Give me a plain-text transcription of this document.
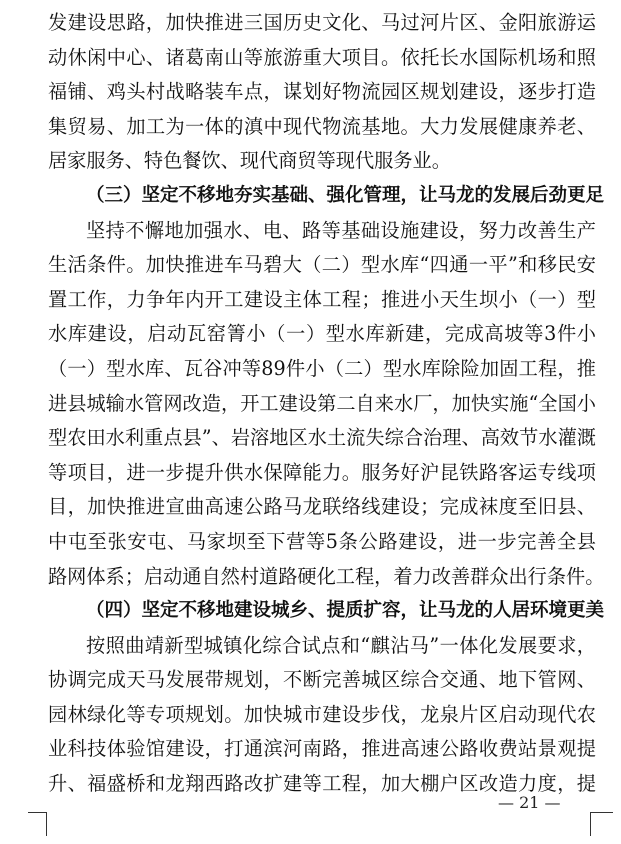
发建设思路，加快推进三国历史文化、马过河片区、金阳旅游运
动休闲中心、诸葛南山等旅游重大项目。依托长水国际机场和照
福铺、鸡头村战略装车点，谋划好物流园区规划建设，逐步打造
集贸易、加工为一体的滇中现代物流基地。大力发展健康养老、
居家服务、特色餐饮、现代商贸等现代服务业。
（三）坚定不移地夯实基础、强化管理，让马龙的发展后劲更足
坚持不懈地加强水、电、路等基础设施建设，努力改善生产
生活条件。加快推进车马碧大（二）型水库“四通一平”和移民安
置工作，力争年内开工建设主体工程；推进小天生坝小（一）型
水库建设，启动瓦窑箐小（一）型水库新建，完成高坡等3件小
（一）型水库、瓦谷冲等89件小（二）型水库除险加固工程，推
进县城输水管网改造，开工建设第二自来水厂，加快实施“全国小
型农田水利重点县”、岩溶地区水土流失综合治理、高效节水灌溉
等项目，进一步提升供水保障能力。服务好沪昆铁路客运专线项
目，加快推进宣曲高速公路马龙联络线建设；完成袜度至旧县、
中屯至张安屯、马家坝至下营等5条公路建设，进一步完善全县
路网体系；启动通自然村道路硬化工程，着力改善群众出行条件。
（四）坚定不移地建设城乡、提质扩容，让马龙的人居环境更美
按照曲靖新型城镇化综合试点和“麒沾马”一体化发展要求，
协调完成天马发展带规划，不断完善城区综合交通、地下管网、
园林绿化等专项规划。加快城市建设步伐，龙泉片区启动现代农
业科技体验馆建设，打通滨河南路，推进高速公路收费站景观提
升、福盛桥和龙翔西路改扩建等工程，加大棚户区改造力度，提
— 21 —
